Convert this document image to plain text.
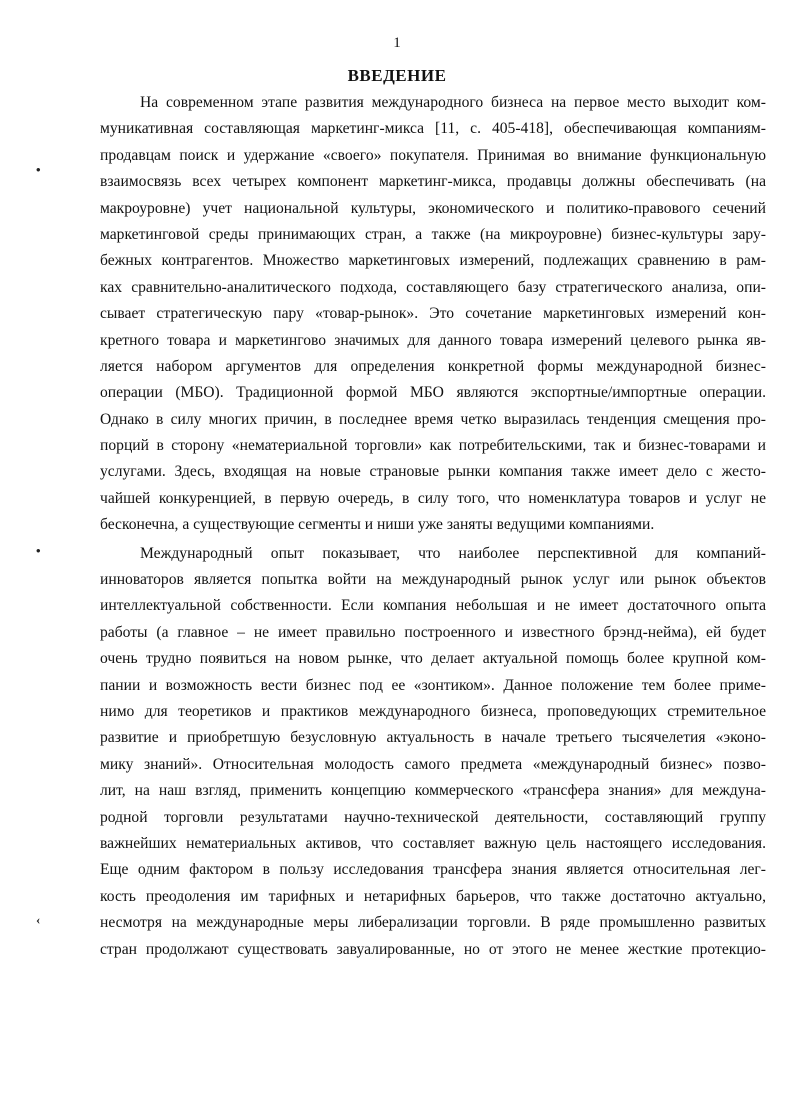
1
ВВЕДЕНИЕ
•
•
‹
На современном этапе развития международного бизнеса на первое место выходит ком-
муникативная составляющая маркетинг-микса [11, с. 405-418], обеспечивающая компаниям-
продавцам поиск и удержание «своего» покупателя. Принимая во внимание функциональную
взаимосвязь всех четырех компонент маркетинг-микса, продавцы должны обеспечивать (на
макроуровне) учет национальной культуры, экономического и политико-правового сечений
маркетинговой среды принимающих стран, а также (на микроуровне) бизнес-культуры зару-
бежных контрагентов. Множество маркетинговых измерений, подлежащих сравнению в рам-
ках сравнительно-аналитического подхода, составляющего базу стратегического анализа, опи-
сывает стратегическую пару «товар-рынок». Это сочетание маркетинговых измерений кон-
кретного товара и маркетингово значимых для данного товара измерений целевого рынка яв-
ляется набором аргументов для определения конкретной формы международной бизнес-
операции (МБО). Традиционной формой МБО являются экспортные/импортные операции.
Однако в силу многих причин, в последнее время четко выразилась тенденция смещения про-
порций в сторону «нематериальной торговли» как потребительскими, так и бизнес-товарами и
услугами. Здесь, входящая на новые страновые рынки компания также имеет дело с жесто-
чайшей конкуренцией, в первую очередь, в силу того, что номенклатура товаров и услуг не
бесконечна, а существующие сегменты и ниши уже заняты ведущими компаниями.
Международный опыт показывает, что наиболее перспективной для компаний-
инноваторов является попытка войти на международный рынок услуг или рынок объектов
интеллектуальной собственности. Если компания небольшая и не имеет достаточного опыта
работы (а главное – не имеет правильно построенного и известного брэнд-нейма), ей будет
очень трудно появиться на новом рынке, что делает актуальной помощь более крупной ком-
пании и возможность вести бизнес под ее «зонтиком». Данное положение тем более приме-
нимо для теоретиков и практиков международного бизнеса, проповедующих стремительное
развитие и приобретшую безусловную актуальность в начале третьего тысячелетия «эконо-
мику знаний». Относительная молодость самого предмета «международный бизнес» позво-
лит, на наш взгляд, применить концепцию коммерческого «трансфера знания» для междуна-
родной торговли результатами научно-технической деятельности, составляющий группу
важнейших нематериальных активов, что составляет важную цель настоящего исследования.
Еще одним фактором в пользу исследования трансфера знания является относительная лег-
кость преодоления им тарифных и нетарифных барьеров, что также достаточно актуально,
несмотря на международные меры либерализации торговли. В ряде промышленно развитых
стран продолжают существовать завуалированные, но от этого не менее жесткие протекцио-
